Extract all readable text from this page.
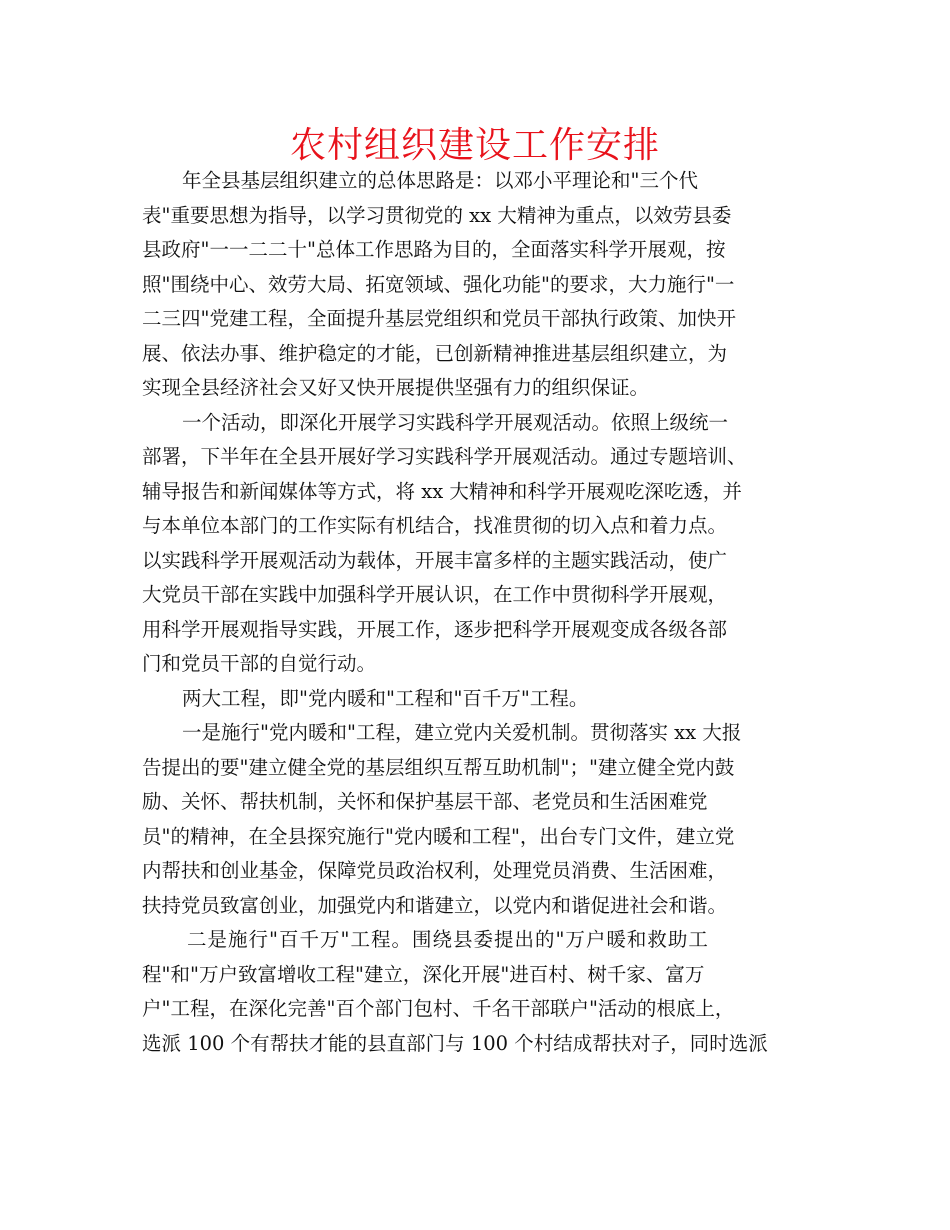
农村组织建设工作安排
年全县基层组织建立的总体思路是：以邓小平理论和"三个代
表"重要思想为指导，以学习贯彻党的 xx 大精神为重点，以效劳县委
县政府"一一二二十"总体工作思路为目的，全面落实科学开展观，按
照"围绕中心、效劳大局、拓宽领域、强化功能"的要求，大力施行"一
二三四"党建工程，全面提升基层党组织和党员干部执行政策、加快开
展、依法办事、维护稳定的才能，已创新精神推进基层组织建立，为
实现全县经济社会又好又快开展提供坚强有力的组织保证。
一个活动，即深化开展学习实践科学开展观活动。依照上级统一
部署，下半年在全县开展好学习实践科学开展观活动。通过专题培训、
辅导报告和新闻媒体等方式，将 xx 大精神和科学开展观吃深吃透，并
与本单位本部门的工作实际有机结合，找准贯彻的切入点和着力点。
以实践科学开展观活动为载体，开展丰富多样的主题实践活动，使广
大党员干部在实践中加强科学开展认识，在工作中贯彻科学开展观，
用科学开展观指导实践，开展工作，逐步把科学开展观变成各级各部
门和党员干部的自觉行动。
两大工程，即"党内暖和"工程和"百千万"工程。
一是施行"党内暖和"工程，建立党内关爱机制。贯彻落实 xx 大报
告提出的要"建立健全党的基层组织互帮互助机制"；"建立健全党内鼓
励、关怀、帮扶机制，关怀和保护基层干部、老党员和生活困难党
员"的精神，在全县探究施行"党内暖和工程"，出台专门文件，建立党
内帮扶和创业基金，保障党员政治权利，处理党员消费、生活困难，
扶持党员致富创业，加强党内和谐建立，以党内和谐促进社会和谐。
二是施行"百千万"工程。围绕县委提出的"万户暖和救助工
程"和"万户致富增收工程"建立，深化开展"进百村、树千家、富万
户"工程，在深化完善"百个部门包村、千名干部联户"活动的根底上，
选派 100 个有帮扶才能的县直部门与 100 个村结成帮扶对子，同时选派
